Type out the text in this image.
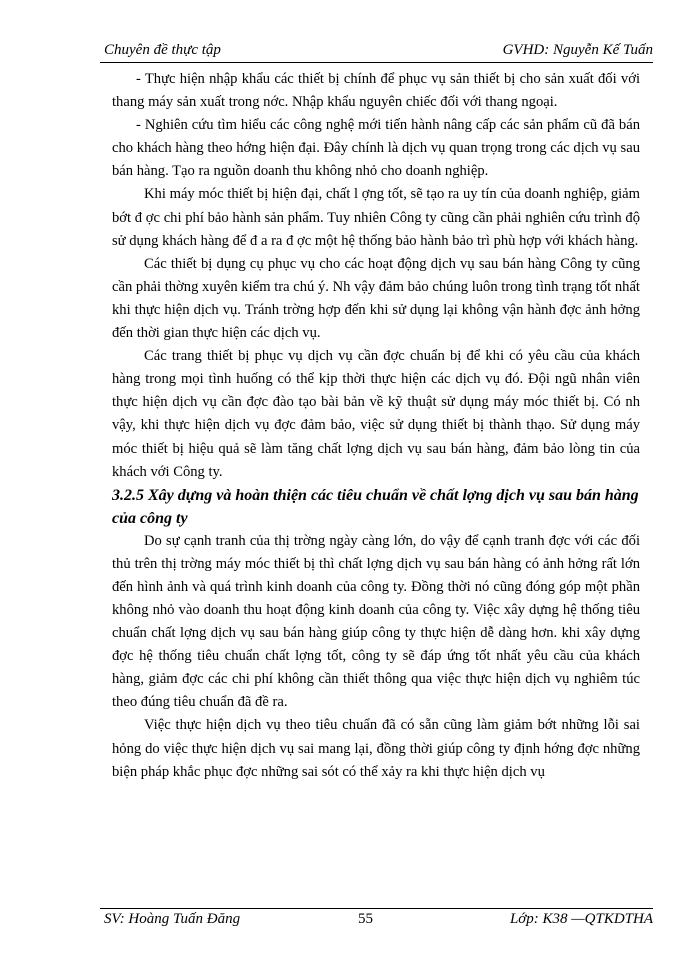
Chuyên đề thực tập	GVHD: Nguyễn Kế Tuấn

- Thực hiện nhập khẩu các thiết bị chính để phục vụ sản thiết bị cho sản xuất đối với thang máy sản xuất trong nớc. Nhập khẩu nguyên chiếc đối với thang ngoại.

- Nghiên cứu tìm hiểu các công nghệ mới tiến hành nâng cấp các sản phẩm cũ đã bán cho khách hàng theo hớng hiện đại. Đây chính là dịch vụ quan trọng trong các dịch vụ sau bán hàng. Tạo ra nguồn doanh thu không nhỏ cho doanh nghiệp.

Khi máy móc thiết bị hiện đại, chất l ợng tốt, sẽ tạo ra uy tín của doanh nghiệp, giảm bớt đ ợc chi phí bảo hành sản phẩm. Tuy nhiên Công ty cũng cần phải nghiên cứu trình độ sử dụng khách hàng để đ a ra đ ợc một hệ thống bảo hành bảo trì phù hợp với khách hàng.

Các thiết bị dụng cụ phục vụ cho các hoạt động dịch vụ sau bán hàng Công ty cũng cần phải thờng xuyên kiểm tra chú ý. Nh vậy đảm bảo chúng luôn trong tình trạng tốt nhất khi thực hiện dịch vụ. Tránh trờng hợp đến khi sử dụng lại không vận hành đợc ảnh hởng đến thời gian thực hiện các dịch vụ.

Các trang thiết bị phục vụ dịch vụ cần đợc chuẩn bị để khi có yêu cầu của khách hàng trong mọi tình huống có thể kịp thời thực hiện các dịch vụ đó. Đội ngũ nhân viên thực hiện dịch vụ cần đợc đào tạo bài bản về kỹ thuật sử dụng máy móc thiết bị. Có nh vậy, khi thực hiện dịch vụ đợc đảm bảo, việc sử dụng thiết bị thành thạo. Sử dụng máy móc thiết bị hiệu quả sẽ làm tăng chất lợng dịch vụ sau bán hàng, đảm bảo lòng tin của khách với Công ty.

3.2.5 Xây dựng và hoàn thiện các tiêu chuẩn về chất lợng dịch vụ sau bán hàng của công ty

Do sự cạnh tranh của thị trờng ngày càng lớn, do vậy để cạnh tranh đợc với các đối thủ trên thị trờng máy móc thiết bị thì chất lợng dịch vụ sau bán hàng có ảnh hởng rất lớn đến hình ảnh và quá trình kinh doanh của công ty. Đồng thời nó cũng đóng góp một phần không nhỏ vào doanh thu hoạt động kinh doanh của công ty. Việc xây dựng hệ thống tiêu chuẩn chất lợng dịch vụ sau bán hàng giúp công ty thực hiện dễ dàng hơn. khi xây dựng đợc hệ thống tiêu chuẩn chất lợng tốt, công ty sẽ đáp ứng tốt nhất yêu cầu của khách hàng, giảm đợc các chi phí không cần thiết thông qua việc thực hiện dịch vụ nghiêm túc theo đúng tiêu chuẩn đã đề ra.

Việc thực hiện dịch vụ theo tiêu chuẩn đã có sẵn cũng làm giảm bớt những lỗi sai hỏng do việc thực hiện dịch vụ sai mang lại, đồng thời giúp công ty định hớng đợc những biện pháp khắc phục đợc những sai sót có thể xảy ra khi thực hiện dịch vụ

SV: Hoàng Tuấn Đăng	55	Lớp: K38 —QTKDTHA
